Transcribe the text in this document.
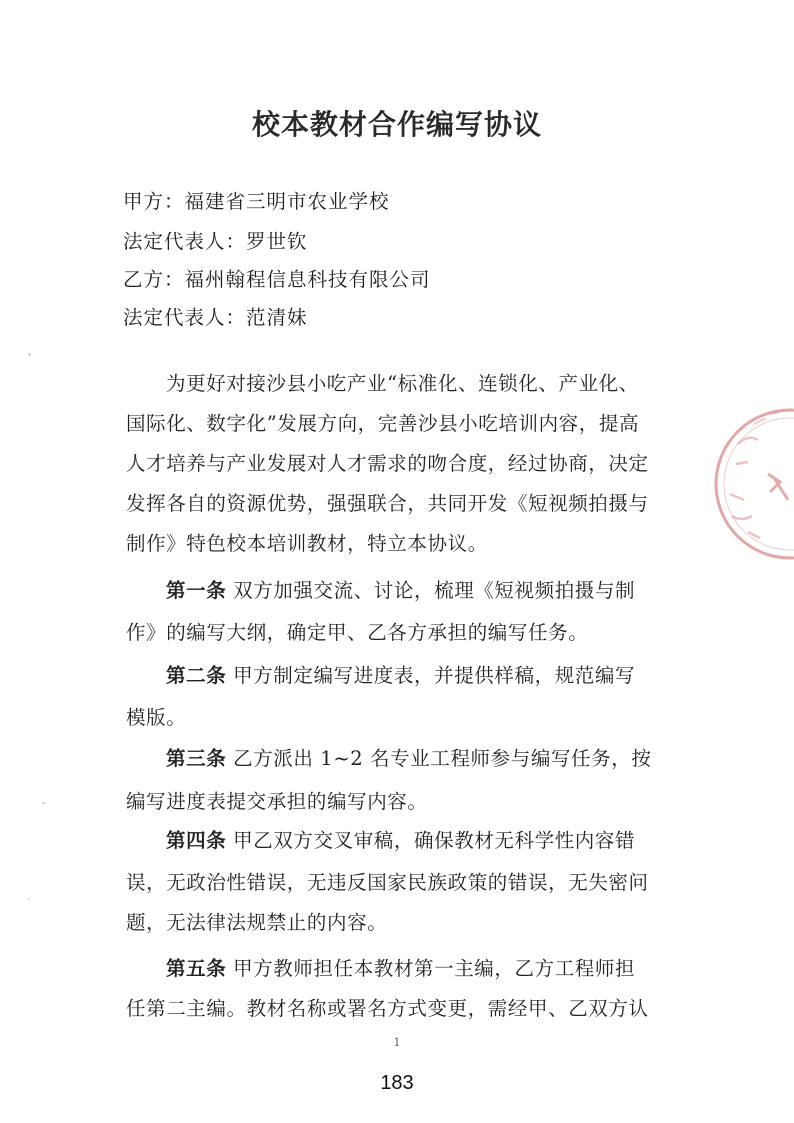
校本教材合作编写协议
甲方：福建省三明市农业学校
法定代表人：罗世钦
乙方：福州翰程信息科技有限公司
法定代表人：范清妹
为更好对接沙县小吃产业“标准化、连锁化、产业化、
国际化、数字化”发展方向，完善沙县小吃培训内容，提高
人才培养与产业发展对人才需求的吻合度，经过协商，决定
发挥各自的资源优势，强强联合，共同开发《短视频拍摄与
制作》特色校本培训教材，特立本协议。
第一条 双方加强交流、讨论，梳理《短视频拍摄与制
作》的编写大纲，确定甲、乙各方承担的编写任务。
第二条 甲方制定编写进度表，并提供样稿，规范编写
模版。
第三条 乙方派出 1~2 名专业工程师参与编写任务，按
编写进度表提交承担的编写内容。
第四条 甲乙双方交叉审稿，确保教材无科学性内容错
误，无政治性错误，无违反国家民族政策的错误，无失密问
题，无法律法规禁止的内容。
第五条 甲方教师担任本教材第一主编，乙方工程师担
任第二主编。教材名称或署名方式变更，需经甲、乙双方认
1
183
